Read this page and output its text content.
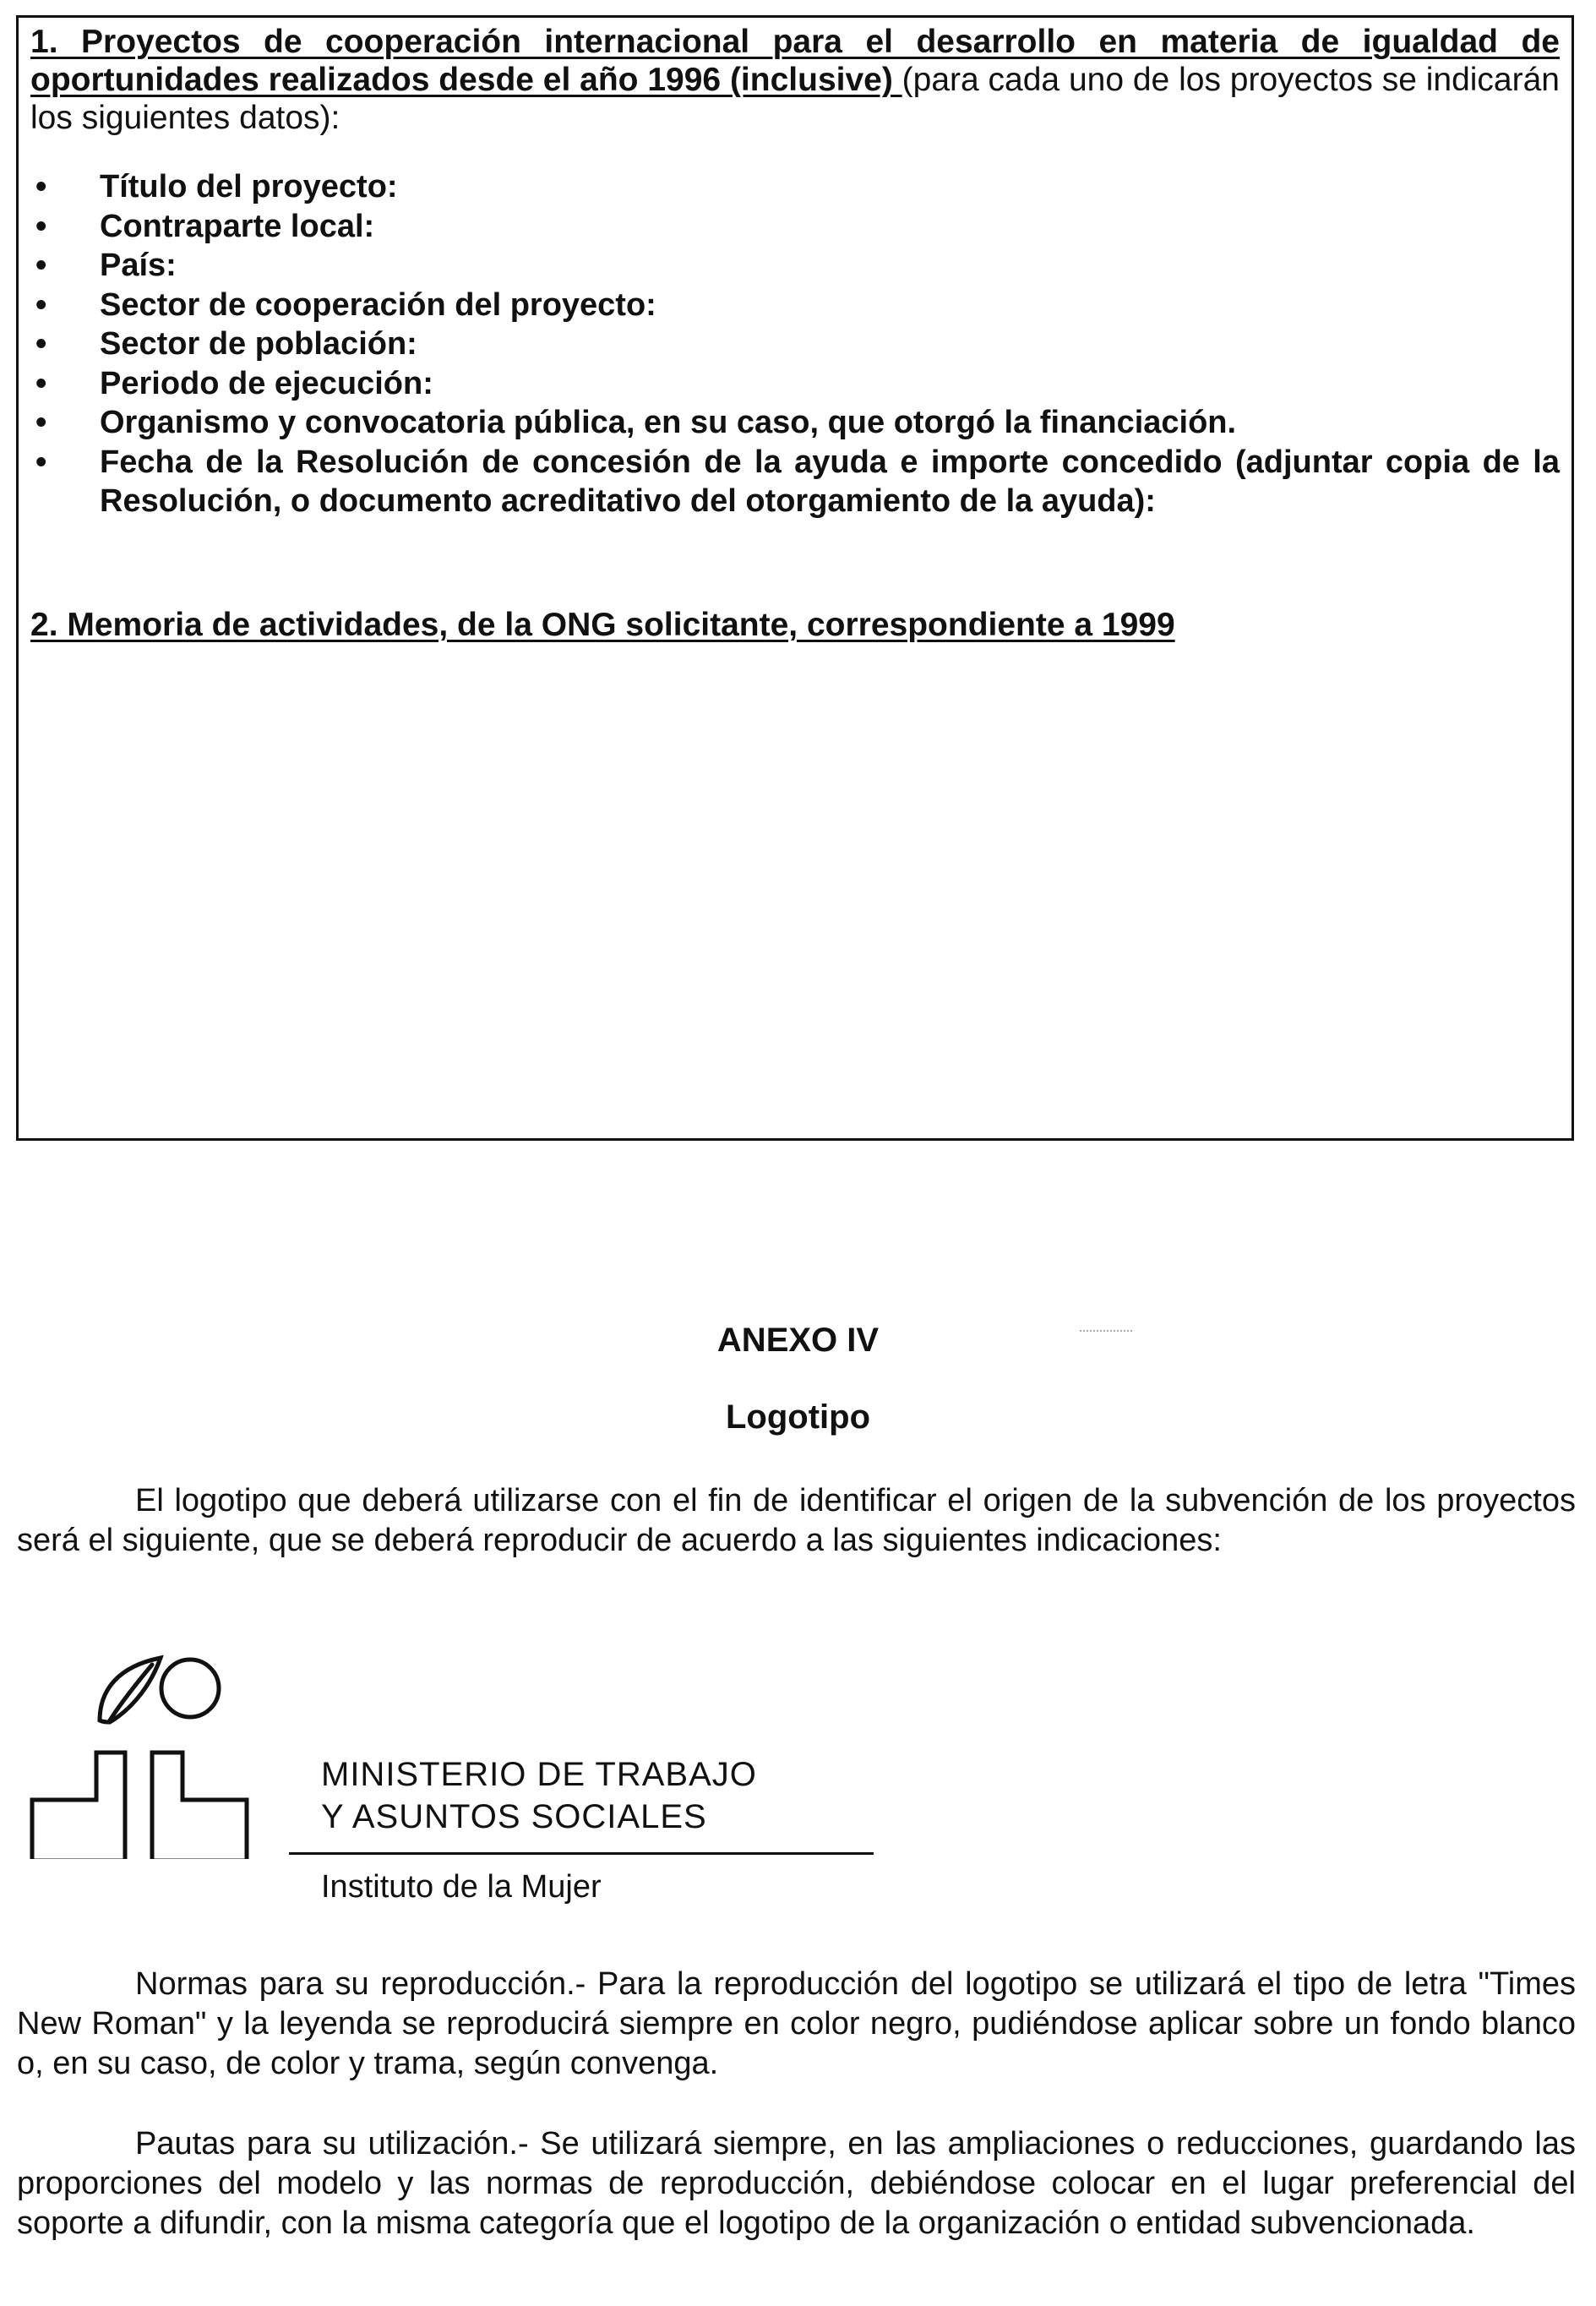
1. Proyectos de cooperación internacional para el desarrollo en materia de igualdad de oportunidades realizados desde el año 1996 (inclusive) (para cada uno de los proyectos se indicarán los siguientes datos):

• Título del proyecto:
• Contraparte local:
• País:
• Sector de cooperación del proyecto:
• Sector de población:
• Periodo de ejecución:
• Organismo y convocatoria pública, en su caso, que otorgó la financiación.
• Fecha de la Resolución de concesión de la ayuda e importe concedido (adjuntar copia de la Resolución, o documento acreditativo del otorgamiento de la ayuda):
2. Memoria de actividades, de la ONG solicitante, correspondiente a 1999
ANEXO IV
Logotipo
El logotipo que deberá utilizarse con el fin de identificar el origen de la subvención de los proyectos será el siguiente, que se deberá reproducir de acuerdo a las siguientes indicaciones:
MINISTERIO DE TRABAJO
Y ASUNTOS SOCIALES
Instituto de la Mujer
Normas para su reproducción.- Para la reproducción del logotipo se utilizará el tipo de letra "Times New Roman" y la leyenda se reproducirá siempre en color negro, pudiéndose aplicar sobre un fondo blanco o, en su caso, de color y trama, según convenga.
Pautas para su utilización.- Se utilizará siempre, en las ampliaciones o reducciones, guardando las proporciones del modelo y las normas de reproducción, debiéndose colocar en el lugar preferencial del soporte a difundir, con la misma categoría que el logotipo de la organización o entidad subvencionada.
